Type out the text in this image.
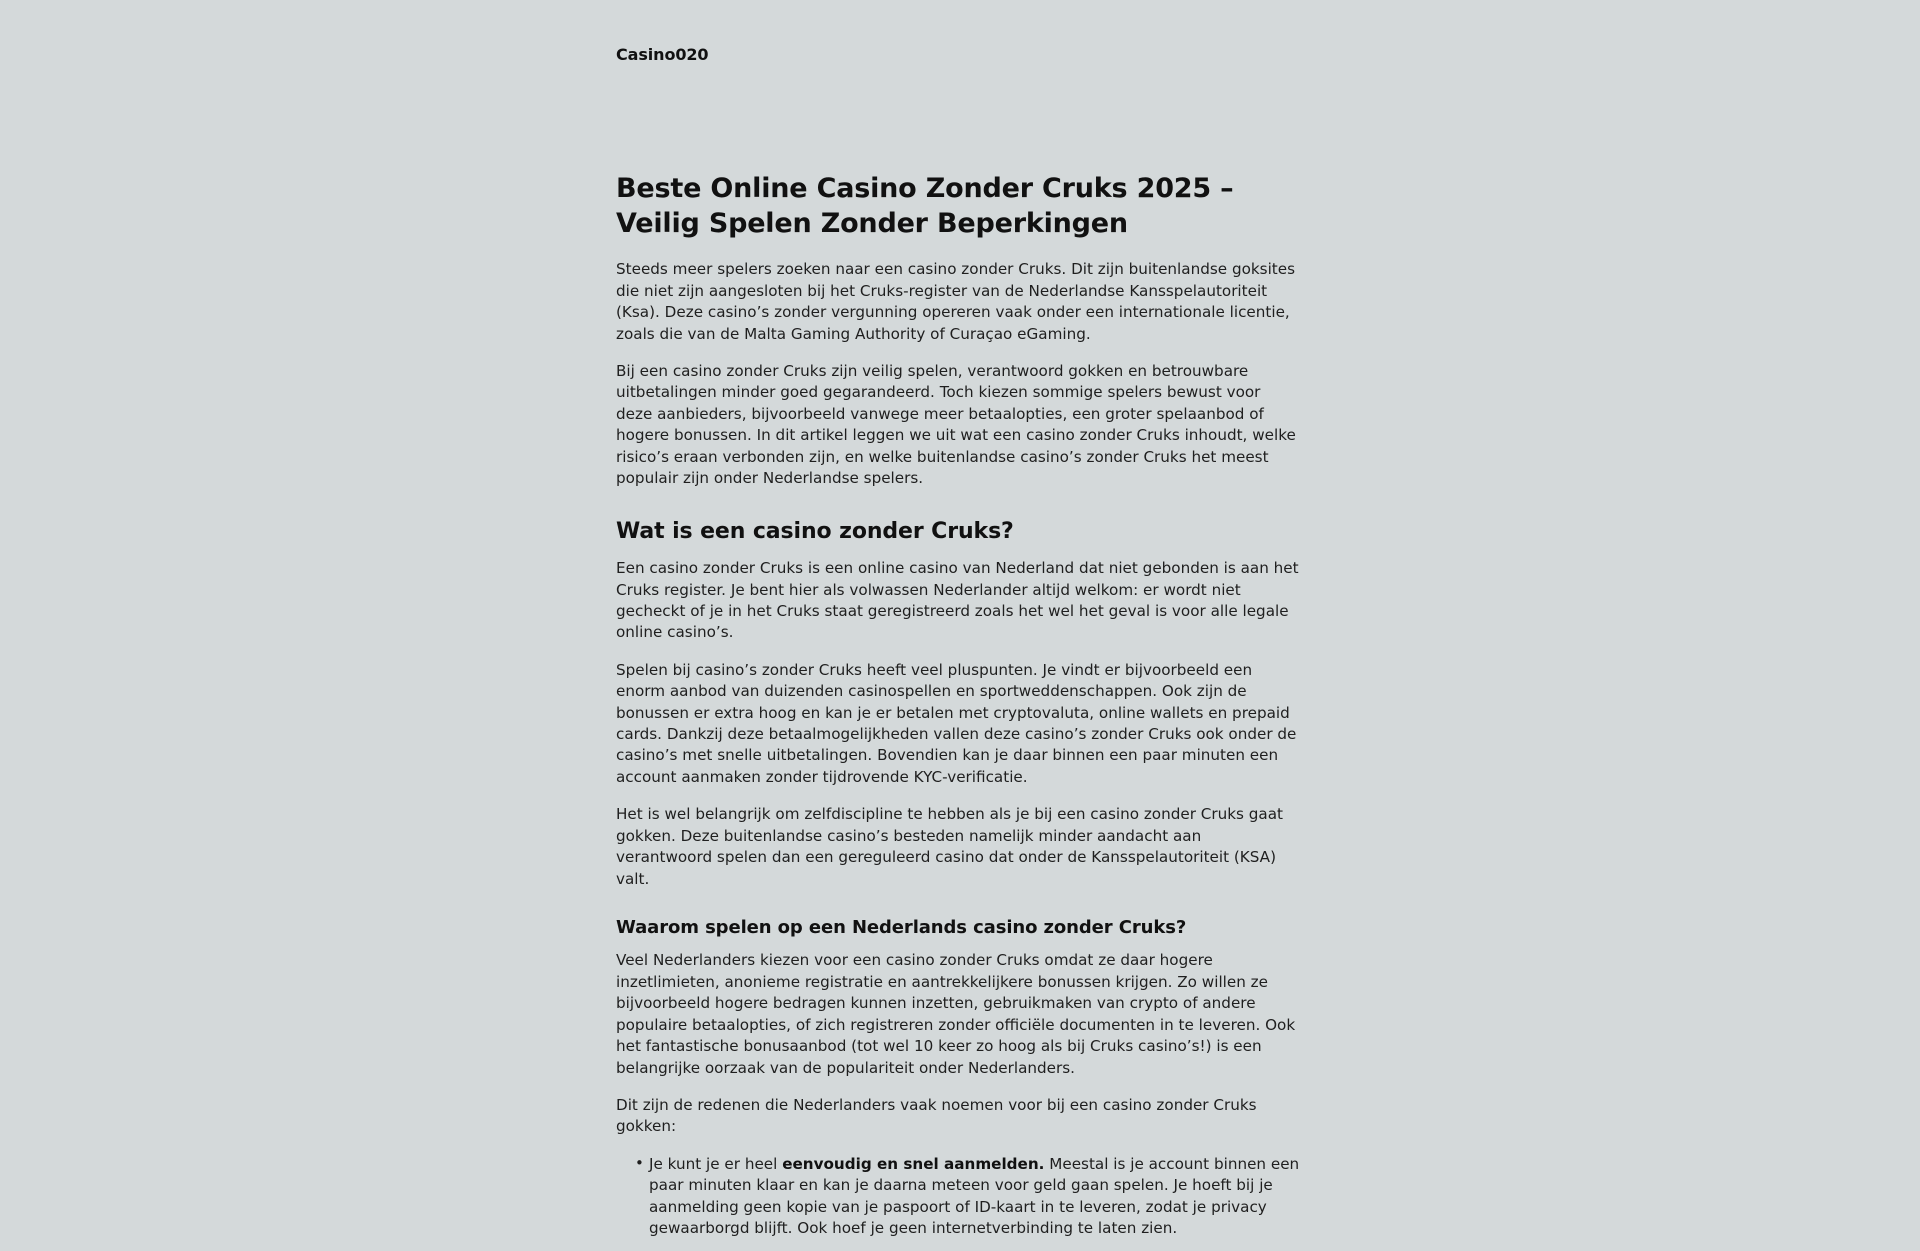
Casino020
Beste Online Casino Zonder Cruks 2025 – Veilig Spelen Zonder Beperkingen

Steeds meer spelers zoeken naar een casino zonder Cruks. Dit zijn buitenlandse goksites die niet zijn aangesloten bij het Cruks-register van de Nederlandse Kansspelautoriteit (Ksa). Deze casino’s zonder vergunning opereren vaak onder een internationale licentie, zoals die van de Malta Gaming Authority of Curaçao eGaming.

Bij een casino zonder Cruks zijn veilig spelen, verantwoord gokken en betrouwbare uitbetalingen minder goed gegarandeerd. Toch kiezen sommige spelers bewust voor deze aanbieders, bijvoorbeeld vanwege meer betaalopties, een groter spelaanbod of hogere bonussen. In dit artikel leggen we uit wat een casino zonder Cruks inhoudt, welke risico’s eraan verbonden zijn, en welke buitenlandse casino’s zonder Cruks het meest populair zijn onder Nederlandse spelers.

Wat is een casino zonder Cruks?

Een casino zonder Cruks is een online casino van Nederland dat niet gebonden is aan het Cruks register. Je bent hier als volwassen Nederlander altijd welkom: er wordt niet gecheckt of je in het Cruks staat geregistreerd zoals het wel het geval is voor alle legale online casino’s.

Spelen bij casino’s zonder Cruks heeft veel pluspunten. Je vindt er bijvoorbeeld een enorm aanbod van duizenden casinospellen en sportweddenschappen. Ook zijn de bonussen er extra hoog en kan je er betalen met cryptovaluta, online wallets en prepaid cards. Dankzij deze betaalmogelijkheden vallen deze casino’s zonder Cruks ook onder de casino’s met snelle uitbetalingen. Bovendien kan je daar binnen een paar minuten een account aanmaken zonder tijdrovende KYC-verificatie.

Het is wel belangrijk om zelfdiscipline te hebben als je bij een casino zonder Cruks gaat gokken. Deze buitenlandse casino’s besteden namelijk minder aandacht aan verantwoord spelen dan een gereguleerd casino dat onder de Kansspelautoriteit (KSA) valt.

Waarom spelen op een Nederlands casino zonder Cruks?

Veel Nederlanders kiezen voor een casino zonder Cruks omdat ze daar hogere inzetlimieten, anonieme registratie en aantrekkelijkere bonussen krijgen. Zo willen ze bijvoorbeeld hogere bedragen kunnen inzetten, gebruikmaken van crypto of andere populaire betaalopties, of zich registreren zonder officiële documenten in te leveren. Ook het fantastische bonusaanbod (tot wel 10 keer zo hoog als bij Cruks casino’s!) is een belangrijke oorzaak van de populariteit onder Nederlanders.

Dit zijn de redenen die Nederlanders vaak noemen voor bij een casino zonder Cruks gokken:

• Je kunt je er heel eenvoudig en snel aanmelden. Meestal is je account binnen een paar minuten klaar en kan je daarna meteen voor geld gaan spelen. Je hoeft bij je aanmelding geen kopie van je paspoort of ID-kaart in te leveren, zodat je privacy gewaarborgd blijft. Ook hoef je geen internetverbinding te laten zien.
